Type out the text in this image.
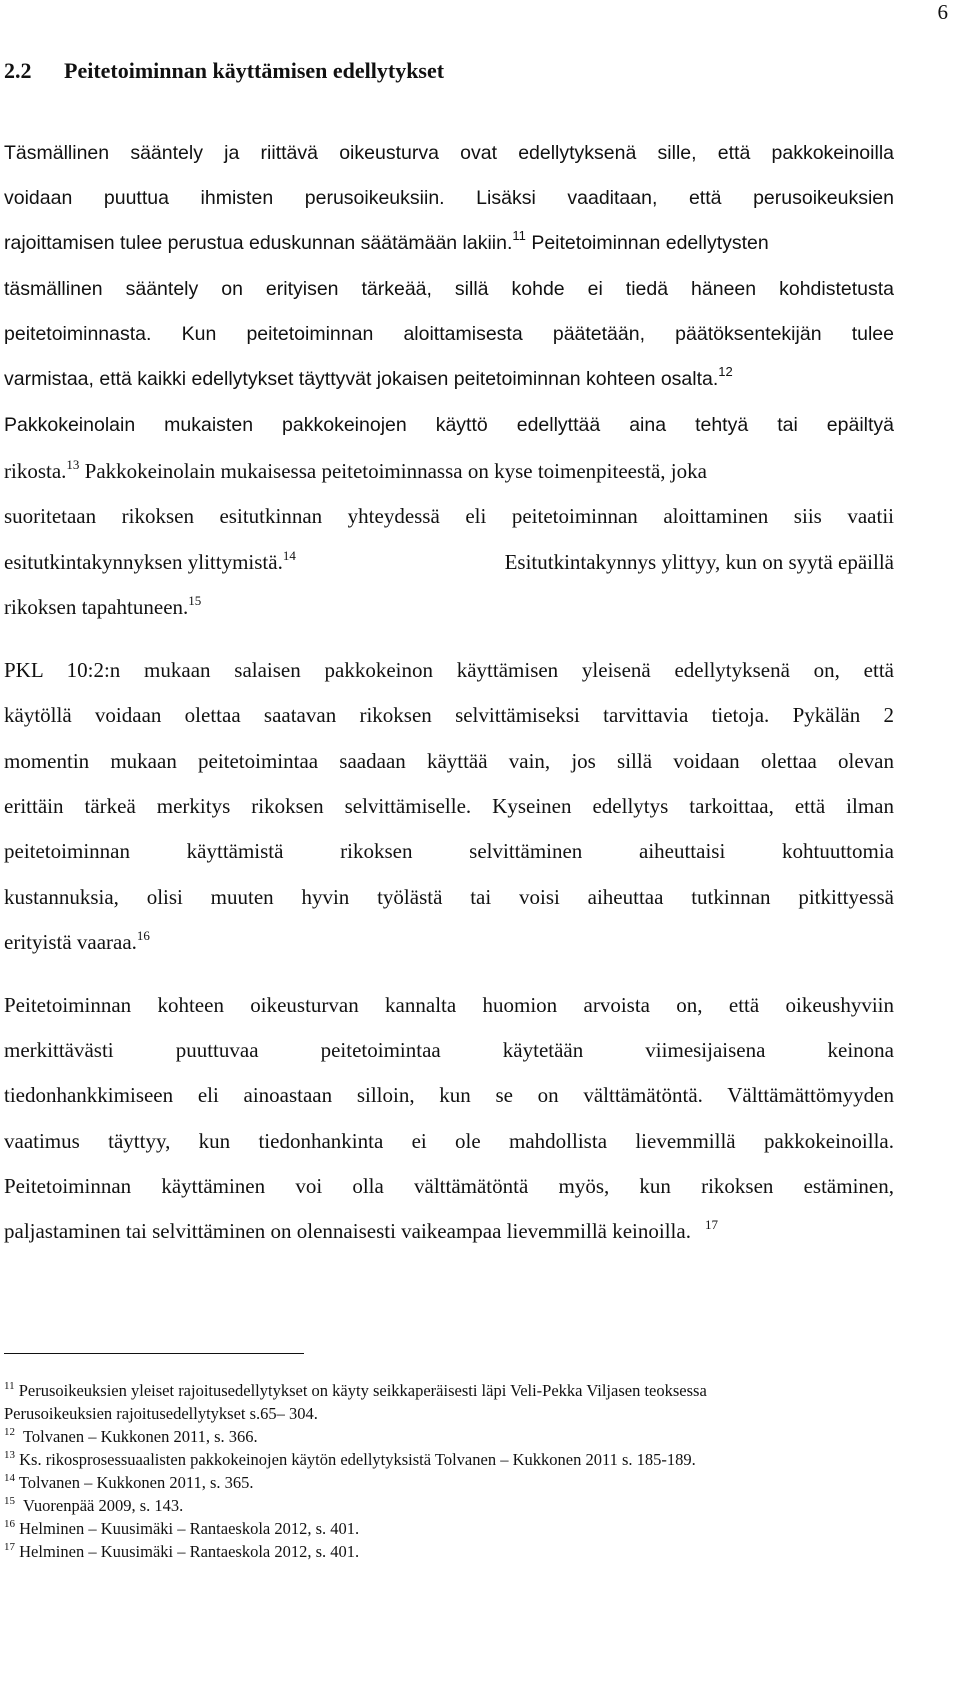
6
2.2 Peitetoiminnan käyttämisen edellytykset
Täsmällinen sääntely ja riittävä oikeusturva ovat edellytyksenä sille, että pakkokeinoilla
voidaan puuttua ihmisten perusoikeuksiin. Lisäksi vaaditaan, että perusoikeuksien
rajoittamisen tulee perustua eduskunnan säätämään lakiin.$^{11}$ Peitetoiminnan edellytysten
täsmällinen sääntely on erityisen tärkeää, sillä kohde ei tiedä häneen kohdistetusta
peitetoiminnasta. Kun peitetoiminnan aloittamisesta päätetään, päätöksentekijän tulee
varmistaa, että kaikki edellytykset täyttyvät jokaisen peitetoiminnan kohteen osalta.$^{12}$
Pakkokeinolain mukaisten pakkokeinojen käyttö edellyttää aina tehtyä tai epäiltyä
rikosta.$^{13}$ Pakkokeinolain mukaisessa peitetoiminnassa on kyse toimenpiteestä, joka
suoritetaan rikoksen esitutkinnan yhteydessä eli peitetoiminnan aloittaminen siis vaatii
esitutkintakynnyksen ylittymistä.$^{14}$	Esitutkintakynnys ylittyy, kun on syytä epäillä
rikoksen tapahtuneen.$^{15}$
PKL 10:2:n mukaan salaisen pakkokeinon käyttämisen yleisenä edellytyksenä on, että
käytöllä voidaan olettaa saatavan rikoksen selvittämiseksi tarvittavia tietoja. Pykälän 2
momentin mukaan peitetoimintaa saadaan käyttää vain, jos sillä voidaan olettaa olevan
erittäin tärkeä merkitys rikoksen selvittämiselle. Kyseinen edellytys tarkoittaa, että ilman
peitetoiminnan käyttämistä rikoksen selvittäminen aiheuttaisi kohtuuttomia
kustannuksia, olisi muuten hyvin työlästä tai voisi aiheuttaa tutkinnan pitkittyessä
erityistä vaaraa.$^{16}$
Peitetoiminnan kohteen oikeusturvan kannalta huomion arvoista on, että oikeushyviin
merkittävästi puuttuvaa peitetoimintaa käytetään viimesijaisena keinona
tiedonhankkimiseen eli ainoastaan silloin, kun se on välttämätöntä. Välttämättömyyden
vaatimus täyttyy, kun tiedonhankinta ei ole mahdollista lievemmillä pakkokeinoilla.
Peitetoiminnan käyttäminen voi olla välttämätöntä myös, kun rikoksen estäminen,
paljastaminen tai selvittäminen on olennaisesti vaikeampaa lievemmillä keinoilla. $^{17}$
$^{11}$ Perusoikeuksien yleiset rajoitusedellytykset on käyty seikkaperäisesti läpi Veli-Pekka Viljasen teoksessa
Perusoikeuksien rajoitusedellytykset s.65– 304.
$^{12}$ Tolvanen – Kukkonen 2011, s. 366.
$^{13}$ Ks. rikosprosessuaalisten pakkokeinojen käytön edellytyksistä Tolvanen – Kukkonen 2011 s. 185-189.
$^{14}$ Tolvanen – Kukkonen 2011, s. 365.
$^{15}$ Vuorenpää 2009, s. 143.
$^{16}$ Helminen – Kuusimäki – Rantaeskola 2012, s. 401.
$^{17}$ Helminen – Kuusimäki – Rantaeskola 2012, s. 401.
